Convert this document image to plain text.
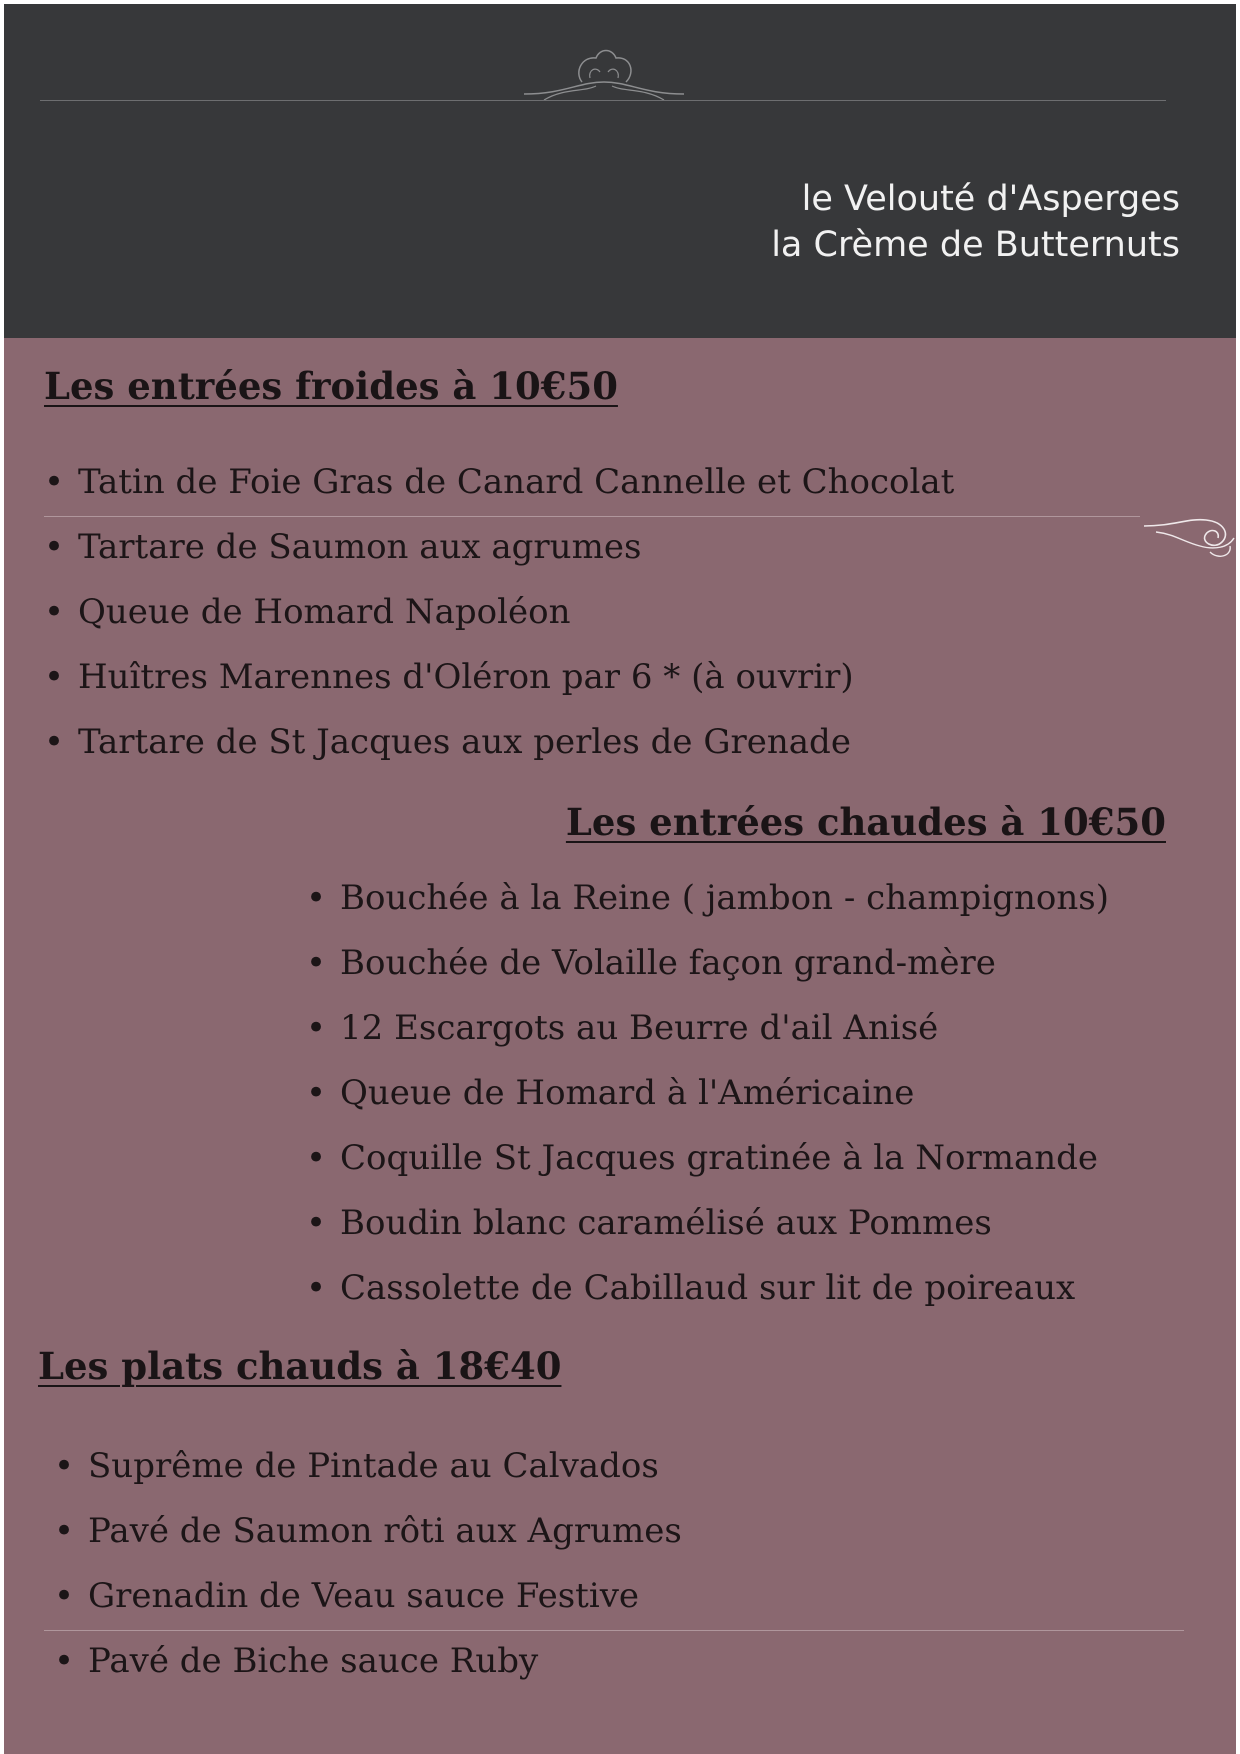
le Velouté d'Asperges
la Crème de Butternuts
Les entrées froides à 10€50
• Tatin de Foie Gras de Canard Cannelle et Chocolat
• Tartare de Saumon aux agrumes
• Queue de Homard Napoléon
• Huîtres Marennes d'Oléron par 6 * (à ouvrir)
• Tartare de St Jacques aux perles de Grenade
Les entrées chaudes à 10€50
• Bouchée à la Reine ( jambon - champignons)
• Bouchée de Volaille façon grand-mère
• 12 Escargots au Beurre d'ail Anisé
• Queue de Homard à l'Américaine
• Coquille St Jacques gratinée à la Normande
• Boudin blanc caramélisé aux Pommes
• Cassolette de Cabillaud sur lit de poireaux
Les plats chauds à 18€40
• Suprême de Pintade au Calvados
• Pavé de Saumon rôti aux Agrumes
• Grenadin de Veau sauce Festive
• Pavé de Biche sauce Ruby
